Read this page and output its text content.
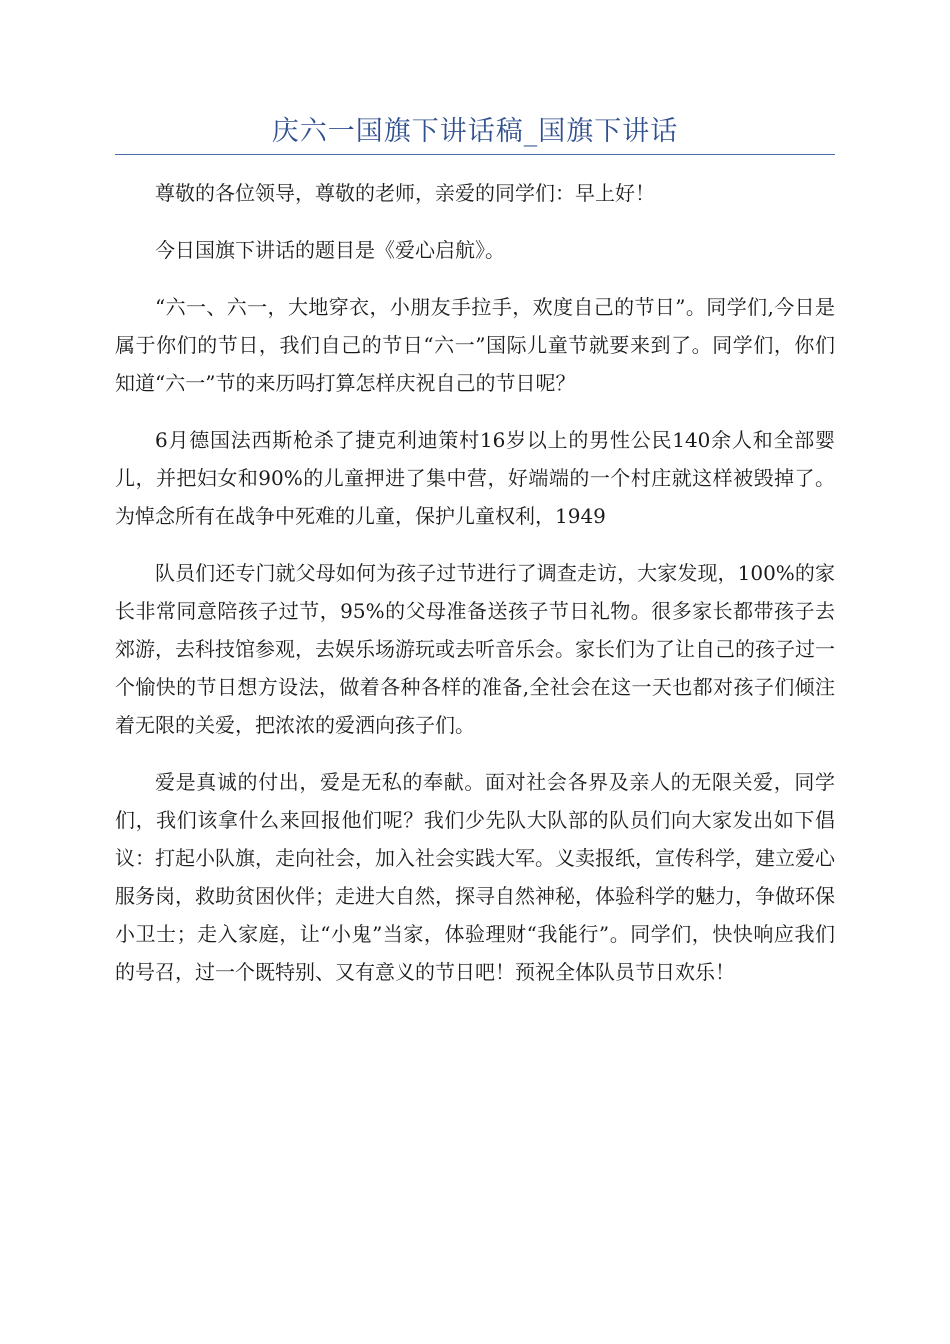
庆六一国旗下讲话稿_国旗下讲话

尊敬的各位领导，尊敬的老师，亲爱的同学们：早上好！

今日国旗下讲话的题目是《爱心启航》。

“六一、六一，大地穿衣，小朋友手拉手，欢度自己的节日”。同学们,今日是属于你们的节日，我们自己的节日“六一”国际儿童节就要来到了。同学们，你们知道“六一”节的来历吗打算怎样庆祝自己的节日呢？

6月德国法西斯枪杀了捷克利迪策村16岁以上的男性公民140余人和全部婴儿，并把妇女和90%的儿童押进了集中营，好端端的一个村庄就这样被毁掉了。为悼念所有在战争中死难的儿童，保护儿童权利，1949

队员们还专门就父母如何为孩子过节进行了调查走访，大家发现，100%的家长非常同意陪孩子过节，95%的父母准备送孩子节日礼物。很多家长都带孩子去郊游，去科技馆参观，去娱乐场游玩或去听音乐会。家长们为了让自己的孩子过一个愉快的节日想方设法，做着各种各样的准备,全社会在这一天也都对孩子们倾注着无限的关爱，把浓浓的爱洒向孩子们。

爱是真诚的付出，爱是无私的奉献。面对社会各界及亲人的无限关爱，同学们，我们该拿什么来回报他们呢？我们少先队大队部的队员们向大家发出如下倡议：打起小队旗，走向社会，加入社会实践大军。义卖报纸，宣传科学，建立爱心服务岗，救助贫困伙伴；走进大自然，探寻自然神秘，体验科学的魅力，争做环保小卫士；走入家庭，让“小鬼”当家，体验理财“我能行”。同学们，快快响应我们的号召，过一个既特别、又有意义的节日吧！预祝全体队员节日欢乐！
